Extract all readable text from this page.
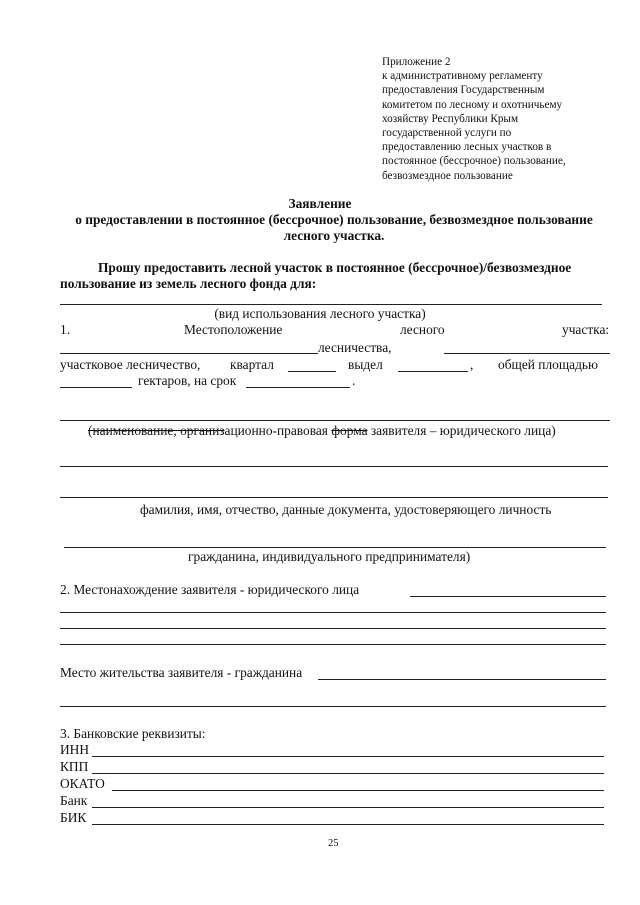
Приложение 2
к административному регламенту
предоставления Государственным
комитетом по лесному и охотничьему
хозяйству Республики Крым
государственной услуги по
предоставлению лесных участков в
постоянное (бессрочное) пользование,
безвозмездное пользование
Заявление
о предоставлении в постоянное (бессрочное) пользование, безвозмездное пользование
лесного участка.
Прошу предоставить лесной участок в постоянное (бессрочное)/безвозмездное
пользование из земель лесного фонда для:
(вид использования лесного участка)
1.	Местоположение	лесного	участка:
лесничества,
участковое лесничество, квартал	выдел	, общей площадью
гектаров, на срок	.
(наименование, организационно-правовая форма заявителя – юридического лица)
фамилия, имя, отчество, данные документа, удостоверяющего личность
гражданина, индивидуального предпринимателя)
2. Местонахождение заявителя - юридического лица
Место жительства заявителя - гражданина
3. Банковские реквизиты:
ИНН
КПП
ОКАТО
Банк
БИК
25
